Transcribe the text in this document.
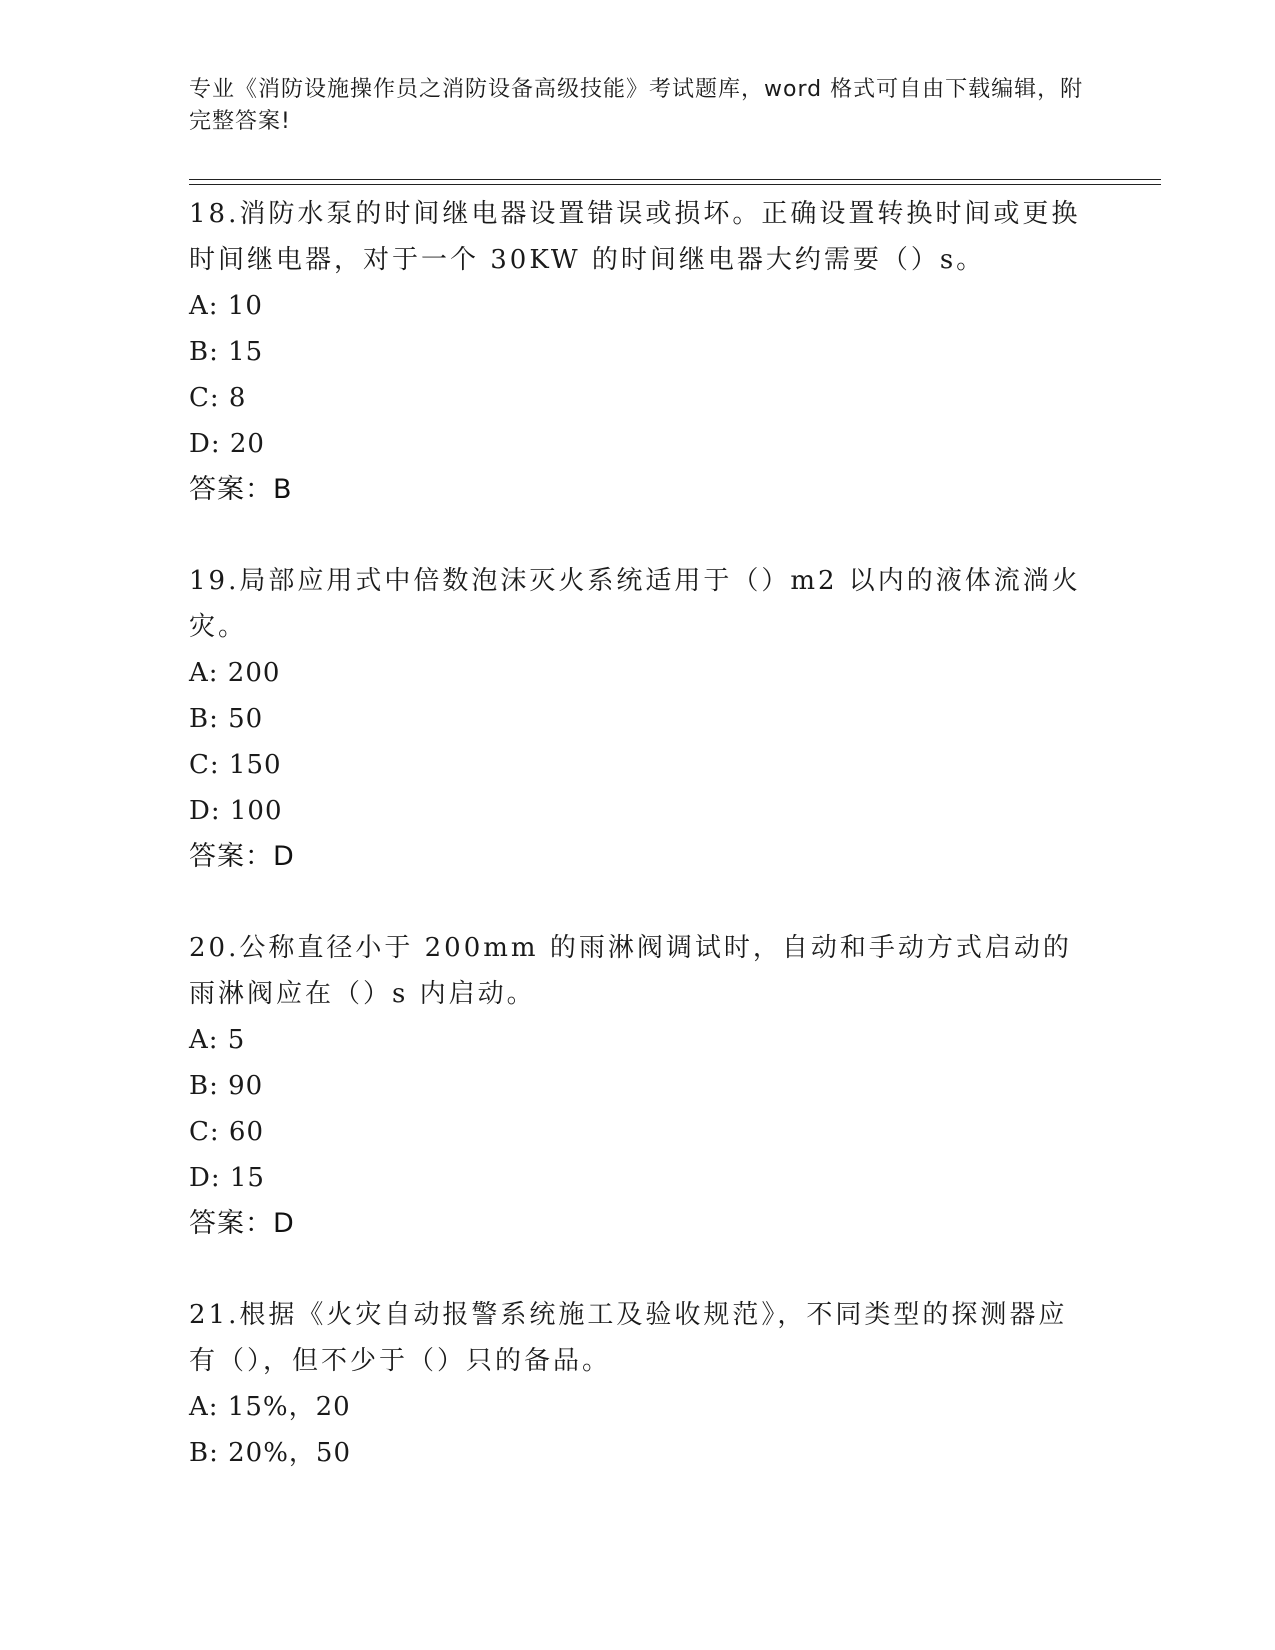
专业《消防设施操作员之消防设备高级技能》考试题库，word 格式可自由下载编辑，附完整答案!
18.消防水泵的时间继电器设置错误或损坏。正确设置转换时间或更换时间继电器，对于一个 30KW 的时间继电器大约需要（）s。
A: 10
B: 15
C: 8
D: 20
答案：B
19.局部应用式中倍数泡沫灭火系统适用于（）m2 以内的液体流淌火灾。
A: 200
B: 50
C: 150
D: 100
答案：D
20.公称直径小于 200mm 的雨淋阀调试时，自动和手动方式启动的雨淋阀应在（）s 内启动。
A: 5
B: 90
C: 60
D: 15
答案：D
21.根据《火灾自动报警系统施工及验收规范》，不同类型的探测器应有（），但不少于（）只的备品。
A: 15%，20
B: 20%，50
